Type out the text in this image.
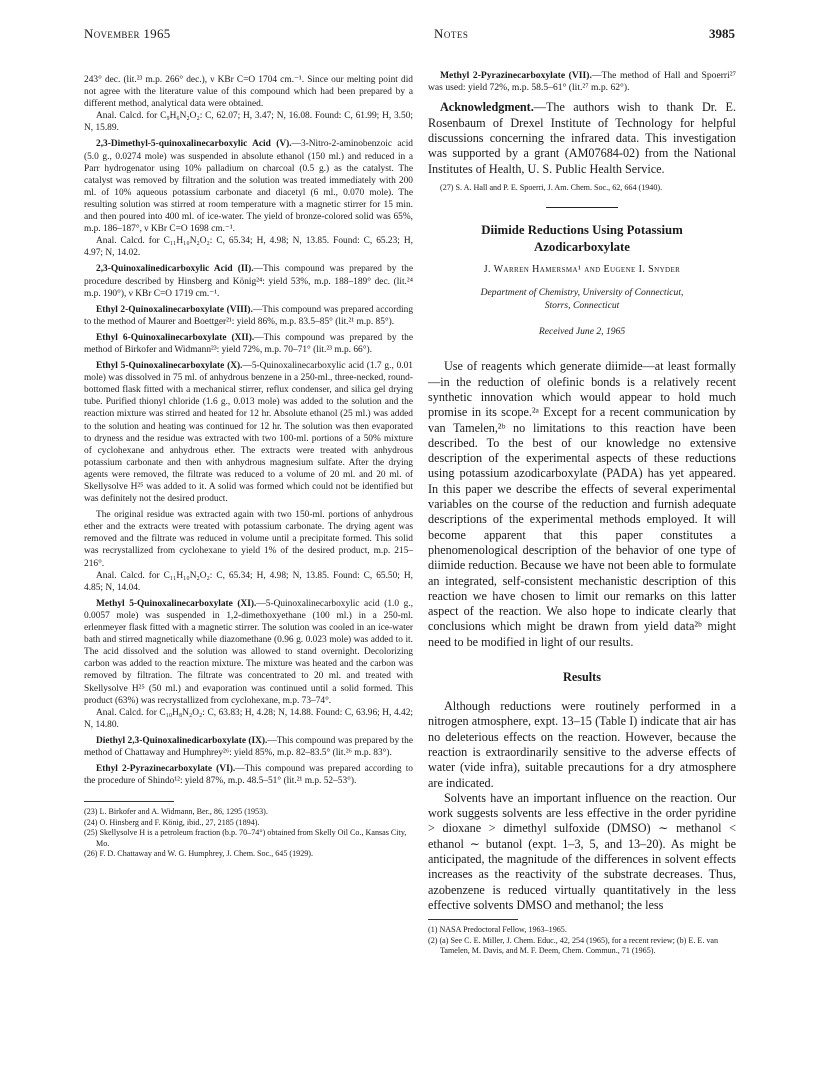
November 1965	Notes	3985

243° dec. (lit.²³ m.p. 266° dec.), ν KBr C=O 1704 cm.⁻¹. Since our melting point did not agree with the literature value of this compound which had been prepared by a different method, analytical data were obtained.

Anal. Calcd. for C₉H₆N₂O₂: C, 62.07; H, 3.47; N, 16.08. Found: C, 61.99; H, 3.50; N, 15.89.

2,3-Dimethyl-5-quinoxalinecarboxylic Acid (V).—3-Nitro-2-aminobenzoic acid (5.0 g., 0.0274 mole) was suspended in absolute ethanol (150 ml.) and reduced in a Parr hydrogenator using 10% palladium on charcoal (0.5 g.) as the catalyst. The catalyst was removed by filtration and the solution was treated immediately with 200 ml. of 10% aqueous potassium carbonate and diacetyl (6 ml., 0.070 mole). The resulting solution was stirred at room temperature with a magnetic stirrer for 15 min. and then poured into 400 ml. of ice-water. The yield of bronze-colored solid was 65%, m.p. 186–187°, ν KBr C=O 1698 cm.⁻¹.

Anal. Calcd. for C₁₁H₁₀N₂O₂: C, 65.34; H, 4.98; N, 13.85. Found: C, 65.23; H, 4.97; N, 14.02.

2,3-Quinoxalinedicarboxylic Acid (II).—This compound was prepared by the procedure described by Hinsberg and König²⁴: yield 53%, m.p. 188–189° dec. (lit.²⁴ m.p. 190°), ν KBr C=O 1719 cm.⁻¹.

Ethyl 2-Quinoxalinecarboxylate (VIII).—This compound was prepared according to the method of Maurer and Boettger²¹: yield 86%, m.p. 83.5–85° (lit.²¹ m.p. 85°).

Ethyl 6-Quinoxalinecarboxylate (XII).—This compound was prepared by the method of Birkofer and Widmann²³: yield 72%, m.p. 70–71° (lit.²³ m.p. 66°).

Ethyl 5-Quinoxalinecarboxylate (X).—5-Quinoxalinecarboxylic acid (1.7 g., 0.01 mole) was dissolved in 75 ml. of anhydrous benzene in a 250-ml., three-necked, round-bottomed flask fitted with a mechanical stirrer, reflux condenser, and silica gel drying tube. Purified thionyl chloride (1.6 g., 0.013 mole) was added to the solution and the reaction mixture was stirred and heated for 12 hr. Absolute ethanol (25 ml.) was added to the solution and heating was continued for 12 hr. The solution was then evaporated to dryness and the residue was extracted with two 100-ml. portions of a 50% mixture of cyclohexane and anhydrous ether. The extracts were treated with anhydrous potassium carbonate and then with anhydrous magnesium sulfate. After the drying agents were removed, the filtrate was reduced to a volume of 20 ml. and 20 ml. of Skellysolve H²⁵ was added to it. A solid was formed which could not be identified but was definitely not the desired product.

The original residue was extracted again with two 150-ml. portions of anhydrous ether and the extracts were treated with potassium carbonate. The drying agent was removed and the filtrate was reduced in volume until a precipitate formed. This solid was recrystallized from cyclohexane to yield 1% of the desired product, m.p. 215–216°.

Anal. Calcd. for C₁₁H₁₀N₂O₂: C, 65.34; H, 4.98; N, 13.85. Found: C, 65.50; H, 4.85; N, 14.04.

Methyl 5-Quinoxalinecarboxylate (XI).—5-Quinoxalinecarboxylic acid (1.0 g., 0.0057 mole) was suspended in 1,2-dimethoxyethane (100 ml.) in a 250-ml. erlenmeyer flask fitted with a magnetic stirrer. The solution was cooled in an ice-water bath and stirred magnetically while diazomethane (0.96 g. 0.023 mole) was added to it. The acid dissolved and the solution was allowed to stand overnight. Decolorizing carbon was added to the reaction mixture. The mixture was heated and the carbon was removed by filtration. The filtrate was concentrated to 20 ml. and treated with Skellysolve H²⁵ (50 ml.) and evaporation was continued until a solid formed. This product (63%) was recrystallized from cyclohexane, m.p. 73–74°.

Anal. Calcd. for C₁₀H₈N₂O₂: C, 63.83; H, 4.28; N, 14.88. Found: C, 63.96; H, 4.42; N, 14.80.

Diethyl 2,3-Quinoxalinedicarboxylate (IX).—This compound was prepared by the method of Chattaway and Humphrey²⁶: yield 85%, m.p. 82–83.5° (lit.²⁶ m.p. 83°).

Ethyl 2-Pyrazinecarboxylate (VI).—This compound was prepared according to the procedure of Shindo¹²: yield 87%, m.p. 48.5–51° (lit.²¹ m.p. 52–53°).

(23) L. Birkofer and A. Widmann, Ber., 86, 1295 (1953).

(24) O. Hinsberg and F. König, ibid., 27, 2185 (1894).

(25) Skellysolve H is a petroleum fraction (b.p. 70–74°) obtained from Skelly Oil Co., Kansas City, Mo.

(26) F. D. Chattaway and W. G. Humphrey, J. Chem. Soc., 645 (1929).

Methyl 2-Pyrazinecarboxylate (VII).—The method of Hall and Spoerri²⁷ was used: yield 72%, m.p. 58.5–61° (lit.²⁷ m.p. 62°).

Acknowledgment.—The authors wish to thank Dr. E. Rosenbaum of Drexel Institute of Technology for helpful discussions concerning the infrared data. This investigation was supported by a grant (AM07684-02) from the National Institutes of Health, U. S. Public Health Service.

(27) S. A. Hall and P. E. Spoerri, J. Am. Chem. Soc., 62, 664 (1940).

Diimide Reductions Using Potassium
Azodicarboxylate
J. Warren Hamersma¹ and Eugene I. Snyder
Department of Chemistry, University of Connecticut,
Storrs, Connecticut
Received June 2, 1965

Use of reagents which generate diimide—at least formally—in the reduction of olefinic bonds is a relatively recent synthetic innovation which would appear to hold much promise in its scope.²ᵃ Except for a recent communication by van Tamelen,²ᵇ no limitations to this reaction have been described. To the best of our knowledge no extensive description of the experimental aspects of these reductions using potassium azodicarboxylate (PADA) has yet appeared. In this paper we describe the effects of several experimental variables on the course of the reduction and furnish adequate descriptions of the experimental methods employed. It will become apparent that this paper constitutes a phenomenological description of the behavior of one type of diimide reduction. Because we have not been able to formulate an integrated, self-consistent mechanistic description of this reaction we have chosen to limit our remarks on this latter aspect of the reaction. We also hope to indicate clearly that conclusions which might be drawn from yield data²ᵇ might need to be modified in light of our results.

Results

Although reductions were routinely performed in a nitrogen atmosphere, expt. 13–15 (Table I) indicate that air has no deleterious effects on the reaction. However, because the reaction is extraordinarily sensitive to the adverse effects of water (vide infra), suitable precautions for a dry atmosphere are indicated.

Solvents have an important influence on the reaction. Our work suggests solvents are less effective in the order pyridine > dioxane > dimethyl sulfoxide (DMSO) ∼ methanol < ethanol ∼ butanol (expt. 1–3, 5, and 13–20). As might be anticipated, the magnitude of the differences in solvent effects increases as the reactivity of the substrate decreases. Thus, azobenzene is reduced virtually quantitatively in the less effective solvents DMSO and methanol; the less

(1) NASA Predoctoral Fellow, 1963–1965.

(2) (a) See C. E. Miller, J. Chem. Educ., 42, 254 (1965), for a recent review; (b) E. E. van Tamelen, M. Davis, and M. F. Deem, Chem. Commun., 71 (1965).
